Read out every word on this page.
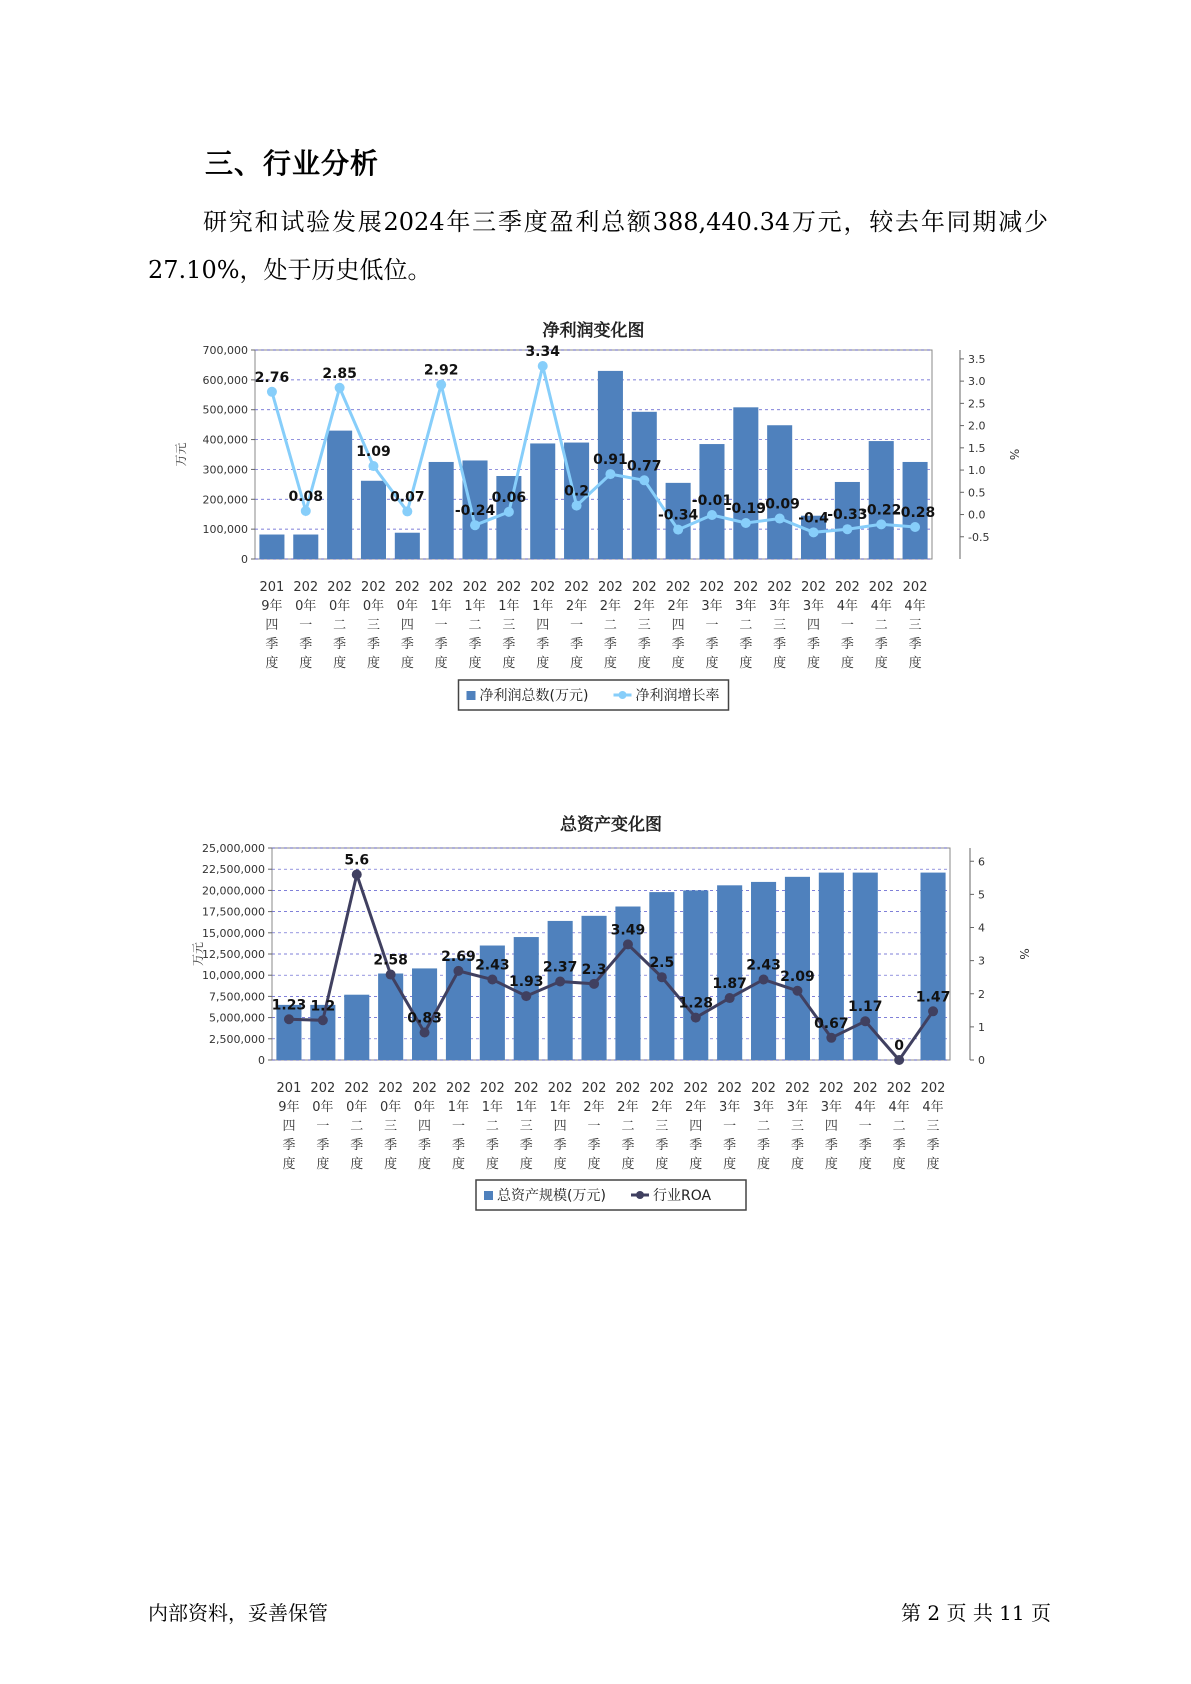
三、行业分析

研究和试验发展2024年三季度盈利总额388,440.34万元，较去年同期减少27.10%，处于历史低位。

净利润变化图
0
100,000
200,000
300,000
400,000
500,000
600,000
700,000
-0.5
0.0
0.5
1.0
1.5
2.0
2.5
3.0
3.5
万元	%
201 9年四季度
202 0年一季度
202 0年二季度
202 0年三季度
202 0年四季度
202 1年一季度
202 1年二季度
202 1年三季度
202 1年四季度
202 2年一季度
202 2年二季度
202 2年三季度
202 2年四季度
202 3年一季度
202 3年二季度
202 3年三季度
202 3年四季度
202 4年一季度
202 4年二季度
202 4年三季度
2.76
0.08
2.85
1.09
0.07
2.92
-0.24
0.06
3.34
0.2
0.91 0.77
-0.34
-0.01
-0.19
-0.09
-0.4
-0.33
-0.22
-0.28
净利润总数(万元)	净利润增长率
总资产变化图
0
2,500,000
5,000,000
7,500,000
10,000,000
12,500,000
15,000,000
17,500,000
20,000,000
22,500,000
25,000,000
0
1
2
3
4
5
6
万元	%
201 9年四季度
202 0年一季度
202 0年二季度
202 0年三季度
202 0年四季度
202 1年一季度
202 1年二季度
202 1年三季度
202 1年四季度
202 2年一季度
202 2年二季度
202 2年三季度
202 2年四季度
202 3年一季度
202 3年二季度
202 3年三季度
202 3年四季度
202 4年一季度
202 4年二季度
202 4年三季度
1.23 1.2
5.6
2.58
0.83
2.69
2.43
1.93
2.37 2.3
3.49
2.5
1.28
1.87
2.43
2.09
0.67
1.17
0
1.47
总资产规模(万元)	行业ROA
内部资料，妥善保管	第 2 页 共 11 页
